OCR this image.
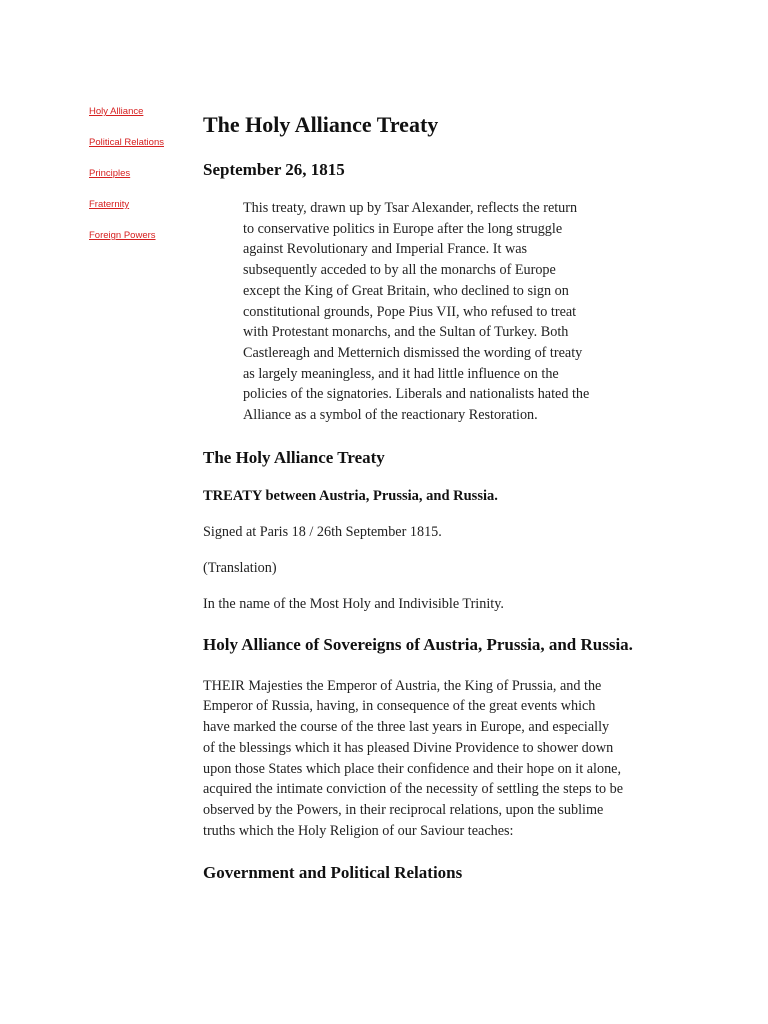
Holy Alliance
Political Relations
Principles
Fraternity
Foreign Powers
The Holy Alliance Treaty
September 26, 1815
This treaty, drawn up by Tsar Alexander, reflects the return
to conservative politics in Europe after the long struggle
against Revolutionary and Imperial France. It was
subsequently acceded to by all the monarchs of Europe
except the King of Great Britain, who declined to sign on
constitutional grounds, Pope Pius VII, who refused to treat
with Protestant monarchs, and the Sultan of Turkey. Both
Castlereagh and Metternich dismissed the wording of treaty
as largely meaningless, and it had little influence on the
policies of the signatories. Liberals and nationalists hated the
Alliance as a symbol of the reactionary Restoration.
The Holy Alliance Treaty
TREATY between Austria, Prussia, and Russia.

Signed at Paris 18 / 26th September 1815.

(Translation)

In the name of the Most Holy and Indivisible Trinity.

Holy Alliance of Sovereigns of Austria, Prussia, and Russia.
THEIR Majesties the Emperor of Austria, the King of Prussia, and the
Emperor of Russia, having, in consequence of the great events which
have marked the course of the three last years in Europe, and especially
of the blessings which it has pleased Divine Providence to shower down
upon those States which place their confidence and their hope on it alone,
acquired the intimate conviction of the necessity of settling the steps to be
observed by the Powers, in their reciprocal relations, upon the sublime
truths which the Holy Religion of our Saviour teaches:
Government and Political Relations
